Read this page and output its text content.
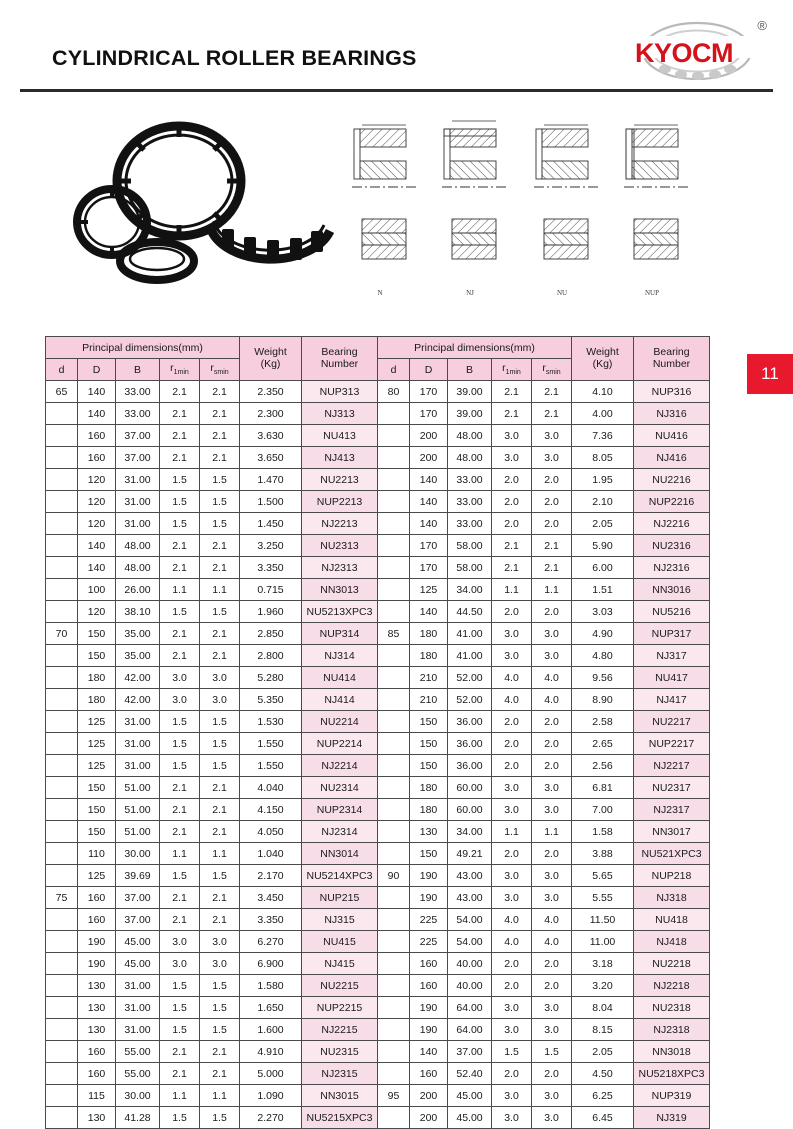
®
KYOCM
CYLINDRICAL ROLLER BEARINGS
N	NJ	NU	NUP
Principal dimensions(mm)	Weight
(Kg)

Bearing
Number
	Principal dimensions(mm)	Weight
(Kg)

Bearing
Number

d	D	B	$r_{1min}$	$r_{smin}$			d	D	B	$r_{1min}$	$r_{smin}$
65	140	33.00	2.1	2.1	2.350	NUP313	80	170	39.00	2.1	2.1	4.10	NUP316
	140	33.00	2.1	2.1	2.300	NJ313		170	39.00	2.1	2.1	4.00	NJ316
	160	37.00	2.1	2.1	3.630	NU413		200	48.00	3.0	3.0	7.36	NU416
	160	37.00	2.1	2.1	3.650	NJ413		200	48.00	3.0	3.0	8.05	NJ416
	120	31.00	1.5	1.5	1.470	NU2213		140	33.00	2.0	2.0	1.95	NU2216
	120	31.00	1.5	1.5	1.500	NUP2213		140	33.00	2.0	2.0	2.10	NUP2216
	120	31.00	1.5	1.5	1.450	NJ2213		140	33.00	2.0	2.0	2.05	NJ2216
	140	48.00	2.1	2.1	3.250	NU2313		170	58.00	2.1	2.1	5.90	NU2316
	140	48.00	2.1	2.1	3.350	NJ2313		170	58.00	2.1	2.1	6.00	NJ2316
	100	26.00	1.1	1.1	0.715	NN3013		125	34.00	1.1	1.1	1.51	NN3016
	120	38.10	1.5	1.5	1.960	NU5213XPC3		140	44.50	2.0	2.0	3.03	NU5216
70	150	35.00	2.1	2.1	2.850	NUP314	85	180	41.00	3.0	3.0	4.90	NUP317
	150	35.00	2.1	2.1	2.800	NJ314		180	41.00	3.0	3.0	4.80	NJ317
	180	42.00	3.0	3.0	5.280	NU414		210	52.00	4.0	4.0	9.56	NU417
	180	42.00	3.0	3.0	5.350	NJ414		210	52.00	4.0	4.0	8.90	NJ417
	125	31.00	1.5	1.5	1.530	NU2214		150	36.00	2.0	2.0	2.58	NU2217
	125	31.00	1.5	1.5	1.550	NUP2214		150	36.00	2.0	2.0	2.65	NUP2217
	125	31.00	1.5	1.5	1.550	NJ2214		150	36.00	2.0	2.0	2.56	NJ2217
	150	51.00	2.1	2.1	4.040	NU2314		180	60.00	3.0	3.0	6.81	NU2317
	150	51.00	2.1	2.1	4.150	NUP2314		180	60.00	3.0	3.0	7.00	NJ2317
	150	51.00	2.1	2.1	4.050	NJ2314		130	34.00	1.1	1.1	1.58	NN3017
	110	30.00	1.1	1.1	1.040	NN3014		150	49.21	2.0	2.0	3.88	NU521XPC3
	125	39.69	1.5	1.5	2.170	NU5214XPC3	90	190	43.00	3.0	3.0	5.65	NUP218
75	160	37.00	2.1	2.1	3.450	NUP215		190	43.00	3.0	3.0	5.55	NJ318
	160	37.00	2.1	2.1	3.350	NJ315		225	54.00	4.0	4.0	11.50	NU418
	190	45.00	3.0	3.0	6.270	NU415		225	54.00	4.0	4.0	11.00	NJ418
	190	45.00	3.0	3.0	6.900	NJ415		160	40.00	2.0	2.0	3.18	NU2218
	130	31.00	1.5	1.5	1.580	NU2215		160	40.00	2.0	2.0	3.20	NJ2218
	130	31.00	1.5	1.5	1.650	NUP2215		190	64.00	3.0	3.0	8.04	NU2318
	130	31.00	1.5	1.5	1.600	NJ2215		190	64.00	3.0	3.0	8.15	NJ2318
	160	55.00	2.1	2.1	4.910	NU2315		140	37.00	1.5	1.5	2.05	NN3018
	160	55.00	2.1	2.1	5.000	NJ2315		160	52.40	2.0	2.0	4.50	NU5218XPC3
	115	30.00	1.1	1.1	1.090	NN3015	95	200	45.00	3.0	3.0	6.25	NUP319
	130	41.28	1.5	1.5	2.270	NU5215XPC3		200	45.00	3.0	3.0	6.45	NJ319
11
